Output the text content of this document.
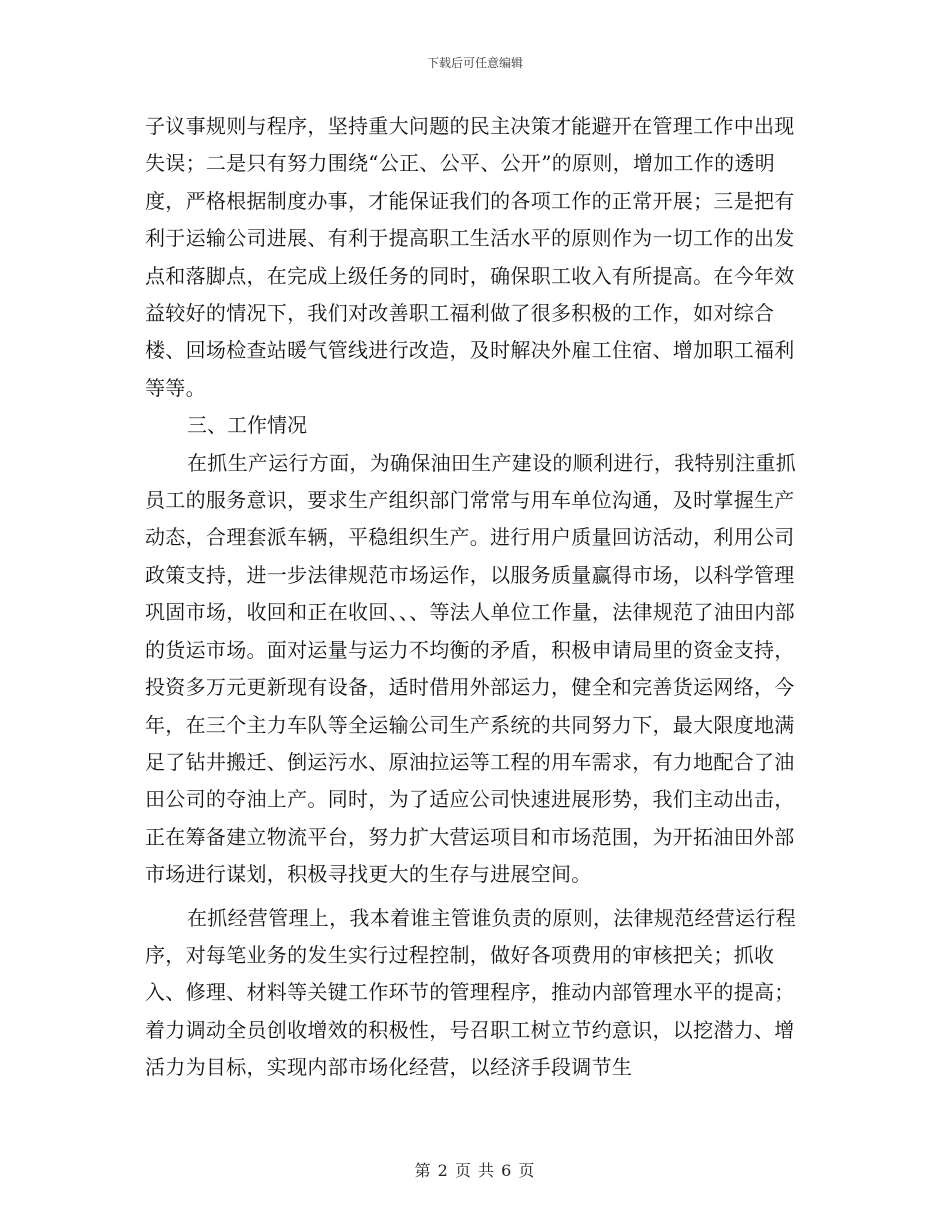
下载后可任意编辑

子议事规则与程序，坚持重大问题的民主决策才能避开在管理工作中出现失误；二是只有努力围绕“公正、公平、公开”的原则，增加工作的透明度，严格根据制度办事，才能保证我们的各项工作的正常开展；三是把有利于运输公司进展、有利于提高职工生活水平的原则作为一切工作的出发点和落脚点，在完成上级任务的同时，确保职工收入有所提高。在今年效益较好的情况下，我们对改善职工福利做了很多积极的工作，如对综合楼、回场检查站暖气管线进行改造，及时解决外雇工住宿、增加职工福利等等。

三、工作情况

在抓生产运行方面，为确保油田生产建设的顺利进行，我特别注重抓员工的服务意识，要求生产组织部门常常与用车单位沟通，及时掌握生产动态，合理套派车辆，平稳组织生产。进行用户质量回访活动，利用公司政策支持，进一步法律规范市场运作，以服务质量赢得市场，以科学管理巩固市场，收回和正在收回、、、等法人单位工作量，法律规范了油田内部的货运市场。面对运量与运力不均衡的矛盾，积极申请局里的资金支持，投资多万元更新现有设备，适时借用外部运力，健全和完善货运网络，今年，在三个主力车队等全运输公司生产系统的共同努力下，最大限度地满足了钻井搬迁、倒运污水、原油拉运等工程的用车需求，有力地配合了油田公司的夺油上产。同时，为了适应公司快速进展形势，我们主动出击，正在筹备建立物流平台，努力扩大营运项目和市场范围，为开拓油田外部市场进行谋划，积极寻找更大的生存与进展空间。

在抓经营管理上，我本着谁主管谁负责的原则，法律规范经营运行程序，对每笔业务的发生实行过程控制，做好各项费用的审核把关；抓收入、修理、材料等关键工作环节的管理程序，推动内部管理水平的提高；着力调动全员创收增效的积极性，号召职工树立节约意识，以挖潜力、增活力为目标，实现内部市场化经营，以经济手段调节生

第 2 页 共 6 页
